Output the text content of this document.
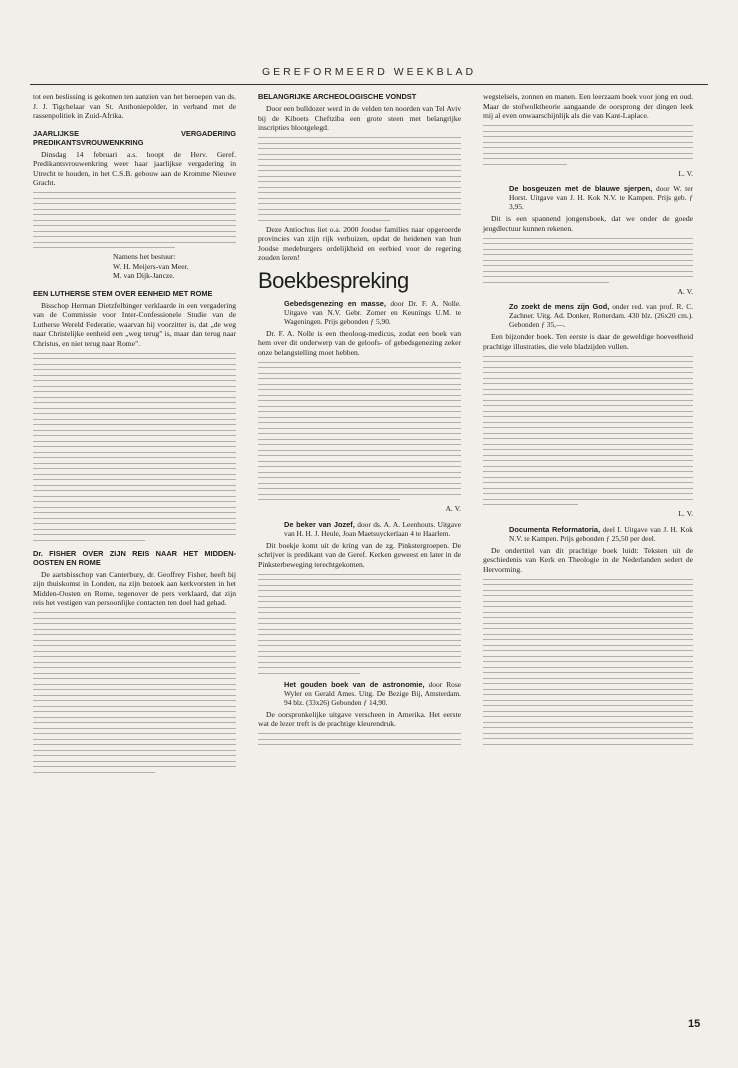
GEREFORMEERD WEEKBLAD

tot een beslissing is gekomen ten aanzien van het beroepen van ds. J. J. Tigchelaar van St. Anthoniepolder, in verband met de rassenpolitiek in Zuid-Afrika.

JAARLIJKSE VERGADERING PREDIKANTSVROUWENKRING

Dinsdag 14 februari a.s. hoopt de Herv. Geref. Predikantsvrouwenkring weer haar jaarlijkse vergadering in Utrecht te houden, in het C.S.B. gebouw aan de Kromme Nieuwe Gracht.

Namens het bestuur:

W. H. Meijers-van Meer.

M. van Dijk-Jancze.

EEN LUTHERSE STEM OVER EENHEID MET ROME

Bisschop Herman Dietzfelbinger verklaarde in een vergadering van de Commissie voor Inter-Confessionele Studie van de Lutherse Wereld Federatie, waarvan hij voorzitter is, dat „de weg naar Christelijke eenheid een „weg terug" is, maar dan terug naar Christus, en niet terug naar Rome".

Dr. FISHER OVER ZIJN REIS NAAR HET MIDDEN-OOSTEN EN ROME

De aartsbisschop van Canterbury, dr. Geoffrey Fisher, heeft bij zijn thuiskomst in Londen, na zijn bezoek aan kerkvorsten in het Midden-Oosten en Rome, tegenover de pers verklaard, dat zijn reis het vestigen van persoonlijke contacten ten doel had gehad.

BELANGRIJKE ARCHEOLOGISCHE VONDST

Door een bulldozer werd in de velden ten noorden van Tel Aviv bij de Kiboets Cheftziba een grote steen met belangrijke inscripties blootgelegd.

Deze Antiochus liet o.a. 2000 Joodse families naar opgeroerde provincies van zijn rijk verhuizen, opdat de heidenen van hun Joodse medeburgers ordelijkheid en eerbied voor de regering zouden leren!

Boekbespreking
Gebedsgenezing en masse, door Dr. F. A. Nolle. Uitgave van N.V. Gebr. Zomer en Keunings U.M. te Wageningen. Prijs gebonden ƒ 5,90.

Dr. F. A. Nolle is een theoloog-medicus, zodat een boek van hem over dit onderwerp van de geloofs- of gebedsgenezing zeker onze belangstelling moet hebben.

A. V.

De beker van Jozef, door ds. A. A. Leenhouts. Uitgave van H. H. J. Heule, Joan Maetsuyckerlaan 4 te Haarlem.

Dit boekje komt uit de kring van de zg. Pinkstergroepen. De schrijver is predikant van de Geref. Kerken geweest en later in de Pinksterbeweging terechtgekomen.

Het gouden boek van de astronomie, door Rose Wyler en Gerald Ames. Uitg. De Bezige Bij, Amsterdam. 94 blz. (33x26) Gebonden ƒ 14,90.

De oorspronkelijke uitgave verscheen in Amerika. Het eerste wat de lezer treft is de prachtige kleurendruk.

wegstelsels, zonnen en manen. Een leerzaam boek voor jong en oud. Maar de stofwolktheorie aangaande de oorsprong der dingen leek mij al even onwaarschijnlijk als die van Kant-Laplace.

L. V.

De bosgeuzen met de blauwe sjerpen, door W. ter Horst. Uitgave van J. H. Kok N.V. te Kampen. Prijs geb. ƒ 3,95.

Dit is een spannend jongensboek, dat we onder de goede jeugdlectuur kunnen rekenen.

A. V.

Zo zoekt de mens zijn God, onder red. van prof. R. C. Zachner. Uitg. Ad. Donker, Rotterdam. 430 blz. (26x20 cm.). Gebonden ƒ 35,—.

Een bijzonder boek. Ten eerste is daar de geweldige hoeveelheid prachtige illustraties, die vele bladzijden vullen.

L. V.

Documenta Reformatoria, deel I. Uitgave van J. H. Kok N.V. te Kampen. Prijs gebonden ƒ 25,50 per deel.

De ondertitel van dit prachtige boek luidt: Teksten uit de geschiedenis van Kerk en Theologie in de Nederlanden sedert de Hervorming.

15
